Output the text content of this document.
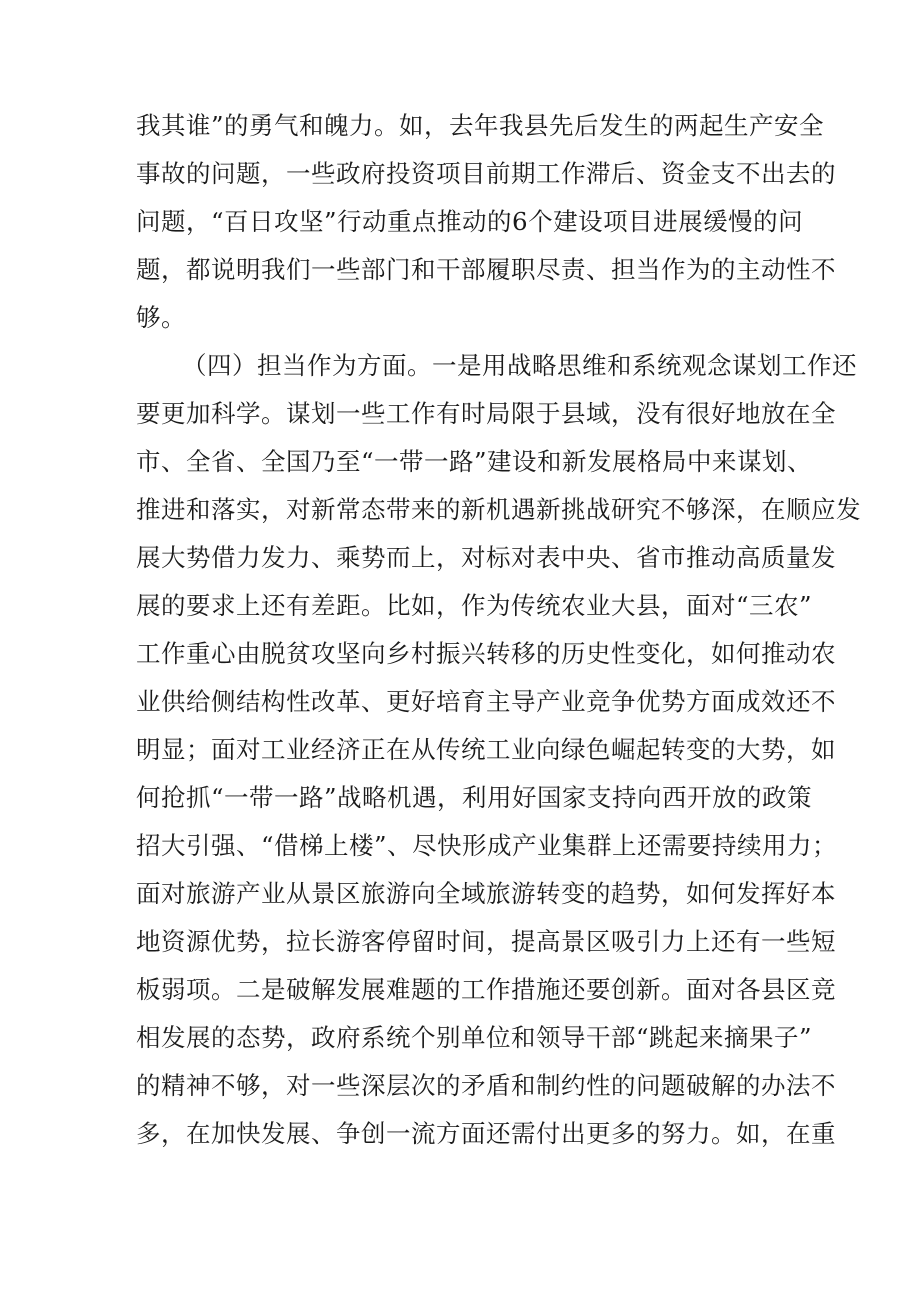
我其谁”的勇气和魄力。如，去年我县先后发生的两起生产安全
事故的问题，一些政府投资项目前期工作滞后、资金支不出去的
问题，“百日攻坚”行动重点推动的6个建设项目进展缓慢的问
题，都说明我们一些部门和干部履职尽责、担当作为的主动性不
够。
（四）担当作为方面。一是用战略思维和系统观念谋划工作还
要更加科学。谋划一些工作有时局限于县域，没有很好地放在全
市、全省、全国乃至“一带一路”建设和新发展格局中来谋划、
推进和落实，对新常态带来的新机遇新挑战研究不够深，在顺应发
展大势借力发力、乘势而上，对标对表中央、省市推动高质量发
展的要求上还有差距。比如，作为传统农业大县，面对“三农”
工作重心由脱贫攻坚向乡村振兴转移的历史性变化，如何推动农
业供给侧结构性改革、更好培育主导产业竞争优势方面成效还不
明显；面对工业经济正在从传统工业向绿色崛起转变的大势，如
何抢抓“一带一路”战略机遇，利用好国家支持向西开放的政策
招大引强、“借梯上楼”、尽快形成产业集群上还需要持续用力；
面对旅游产业从景区旅游向全域旅游转变的趋势，如何发挥好本
地资源优势，拉长游客停留时间，提高景区吸引力上还有一些短
板弱项。二是破解发展难题的工作措施还要创新。面对各县区竞
相发展的态势，政府系统个别单位和领导干部“跳起来摘果子”
的精神不够，对一些深层次的矛盾和制约性的问题破解的办法不
多，在加快发展、争创一流方面还需付出更多的努力。如，在重
